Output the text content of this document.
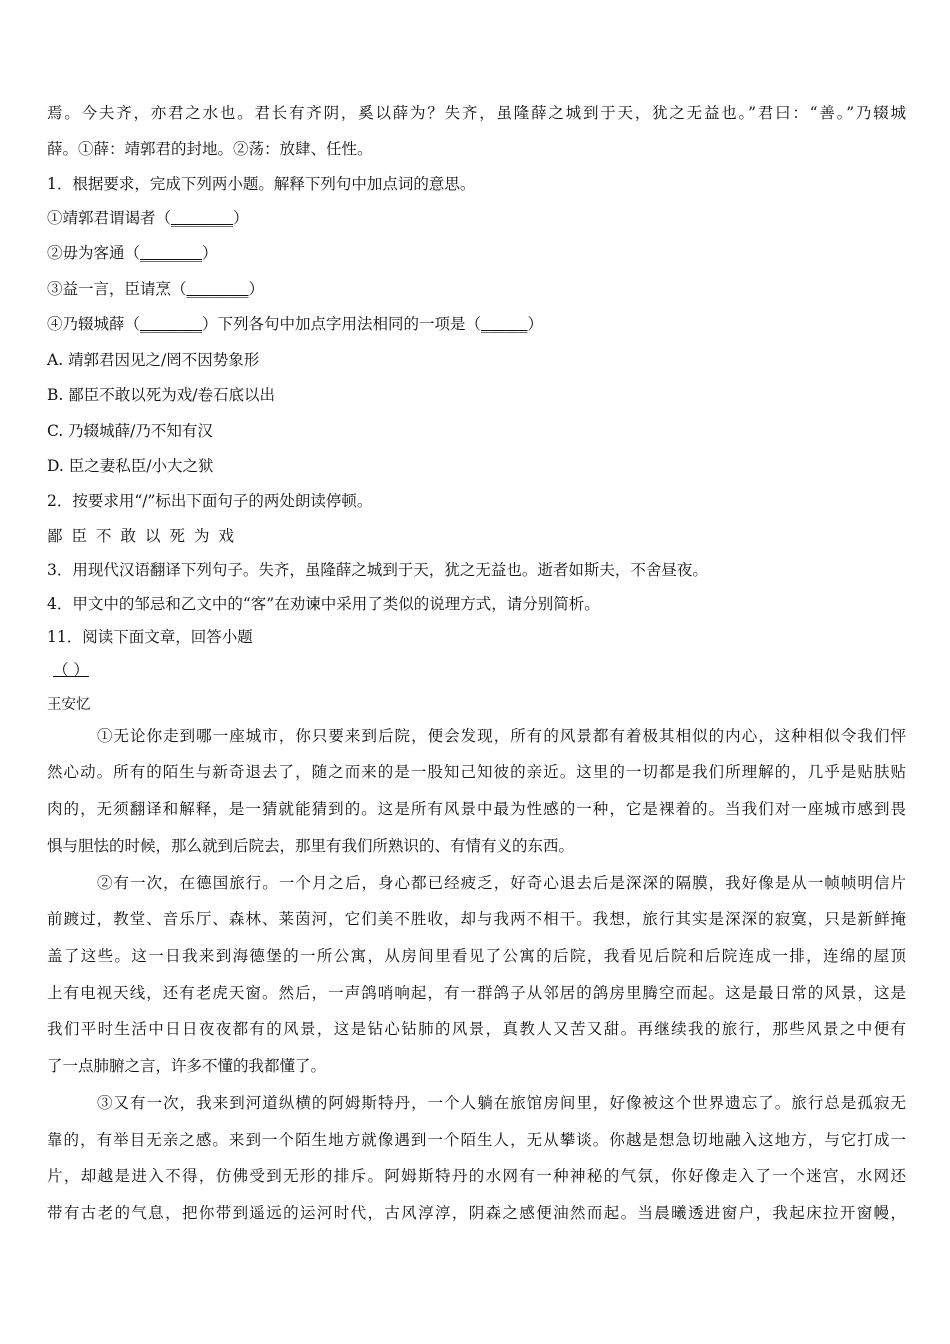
焉。今夫齐，亦君之水也。君长有齐阴，奚以薛为？失齐，虽隆薛之城到于天，犹之无益也。”君曰：“善。”乃辍城
薛。①薛：靖郭君的封地。②荡：放肆、任性。
1．根据要求，完成下列两小题。解释下列句中加点词的意思。
①靖郭君谓谒者（________）
②毋为客通（________）
③益一言，臣请烹（________）
④乃辍城薛（________）下列各句中加点字用法相同的一项是（______）
A. 靖郭君因见之/罔不因势象形
B. 鄙臣不敢以死为戏/卷石底以出
C. 乃辍城薛/乃不知有汉
D. 臣之妻私臣/小大之狱
2．按要求用“/”标出下面句子的两处朗读停顿。
鄙臣不敢以死为戏
3．用现代汉语翻译下列句子。失齐，虽隆薛之城到于天，犹之无益也。逝者如斯夫，不舍昼夜。
4．甲文中的邹忌和乙文中的“客”在劝谏中采用了类似的说理方式，请分别简析。
11．阅读下面文章，回答小题
（ ）
王安忆
①无论你走到哪一座城市，你只要来到后院，便会发现，所有的风景都有着极其相似的内心，这种相似令我们怦
然心动。所有的陌生与新奇退去了，随之而来的是一股知己知彼的亲近。这里的一切都是我们所理解的，几乎是贴肤贴
肉的，无须翻译和解释，是一猜就能猜到的。这是所有风景中最为性感的一种，它是裸着的。当我们对一座城市感到畏
惧与胆怯的时候，那么就到后院去，那里有我们所熟识的、有情有义的东西。
②有一次，在德国旅行。一个月之后，身心都已经疲乏，好奇心退去后是深深的隔膜，我好像是从一帧帧明信片
前踱过，教堂、音乐厅、森林、莱茵河，它们美不胜收，却与我两不相干。我想，旅行其实是深深的寂寞，只是新鲜掩
盖了这些。这一日我来到海德堡的一所公寓，从房间里看见了公寓的后院，我看见后院和后院连成一排，连绵的屋顶
上有电视天线，还有老虎天窗。然后，一声鸽哨响起，有一群鸽子从邻居的鸽房里腾空而起。这是最日常的风景，这是
我们平时生活中日日夜夜都有的风景，这是钻心钻肺的风景，真教人又苦又甜。再继续我的旅行，那些风景之中便有
了一点肺腑之言，许多不懂的我都懂了。
③又有一次，我来到河道纵横的阿姆斯特丹，一个人躺在旅馆房间里，好像被这个世界遗忘了。旅行总是孤寂无
靠的，有举目无亲之感。来到一个陌生地方就像遇到一个陌生人，无从攀谈。你越是想急切地融入这地方，与它打成一
片，却越是进入不得，仿佛受到无形的排斥。阿姆斯特丹的水网有一种神秘的气氛，你好像走入了一个迷宫，水网还
带有古老的气息，把你带到遥远的运河时代，古风淳淳，阴森之感便油然而起。当晨曦透进窗户，我起床拉开窗幔，
